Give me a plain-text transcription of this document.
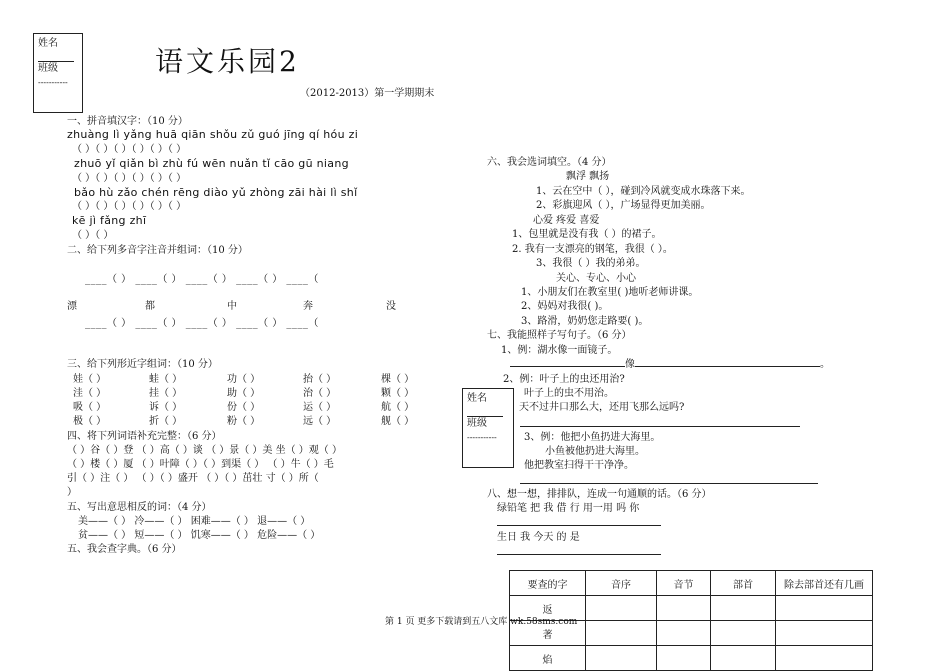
姓名
班级
-----------
姓名
班级
-----------
语文乐园2
（2012-2013）第一学期期末
一、拼音填汉字：（10 分）
zhuàng lì yǎng huā qiān shǒu zǔ guó jīng qí hóu zi
（ ）（ ）（ ）（ ）（ ）（ ）
zhuō yǐ qiǎn bì zhù fú wēn nuǎn tǐ cāo gū niang
（ ）（ ）（ ）（ ）（ ）（ ）
bǎo hù zǎo chén rēng diào yǔ zhòng zāi hài lì shǐ
（ ）（ ）（ ）（ ）（ ）（ ）
kē jì fǎng zhī
（ ）（ ）
二、给下列多音字注音并组词：（10 分）
____（ ） ____（ ） ____（ ） ____（ ） ____（
漂	都	中	奔	没
____（ ） ____（ ） ____（ ） ____（ ） ____（
三、给下列形近字组词：（10 分）
娃（ ）	蛙（ ）	功（ ）	抬（ ）	棵（ ）
洼（ ）	挂（ ）	助（ ）	治（ ）	颗（ ）
吸（ ）	诉（ ）	份（ ）	运（ ）	航（ ）
极（ ）	折（ ）	粉（ ）	远（ ）	舰（ ）
四、将下列词语补充完整：（6 分）
（ ）谷（ ）登 （ ）高（ ）谈 （ ）景（ ）美 坐（ ）观（ ）
（ ）楼（ ）厦 （ ）叶障（ ）（ ）到渠（ ） （ ）牛（ ）毛
引（ ）注（ ） （ ）（ ）盛开 （ ）（ ）茁壮 寸（ ）所（
）
五、写出意思相反的词：（4 分）
美——（ ） 冷——（ ） 困难——（ ） 退——（ ）
贫——（ ） 短——（ ） 饥寒——（ ） 危险——（ ）
五、我会查字典。（6 分）
六、我会选词填空。（4 分）
飘浮 飘扬
1、云在空中（ ），碰到冷风就变成水珠落下来。
2、彩旗迎风（ ），广场显得更加美丽。
心爱 疼爱 喜爱
1、包里就是没有我（ ）的裙子。
2. 我有一支漂亮的钢笔，我很（ ）。
3、我很（ ）我的弟弟。
关心、专心、小心
1、小朋友们在教室里( )地听老师讲课。
2、妈妈对我很( )。
3、路滑，奶奶您走路要( )。
七、我能照样子写句子。（6 分）
1、例：湖水像一面镜子。
像	。
2、例：叶子上的虫还用治?
叶子上的虫不用治。
天不过井口那么大，还用飞那么远吗?
3、例：他把小鱼扔进大海里。
小鱼被他扔进大海里。
他把教室扫得干干净净。
八、想一想，排排队，连成一句通顺的话。（6 分）
绿铅笔 把 我 借 行 用一用 吗 你
生日 我 今天 的 是
要查的字	音序	音节	部首	除去部首还有几画
返				
著				
焰				
第 1 页 更多下载请到五八文库 wk.58sms.com
